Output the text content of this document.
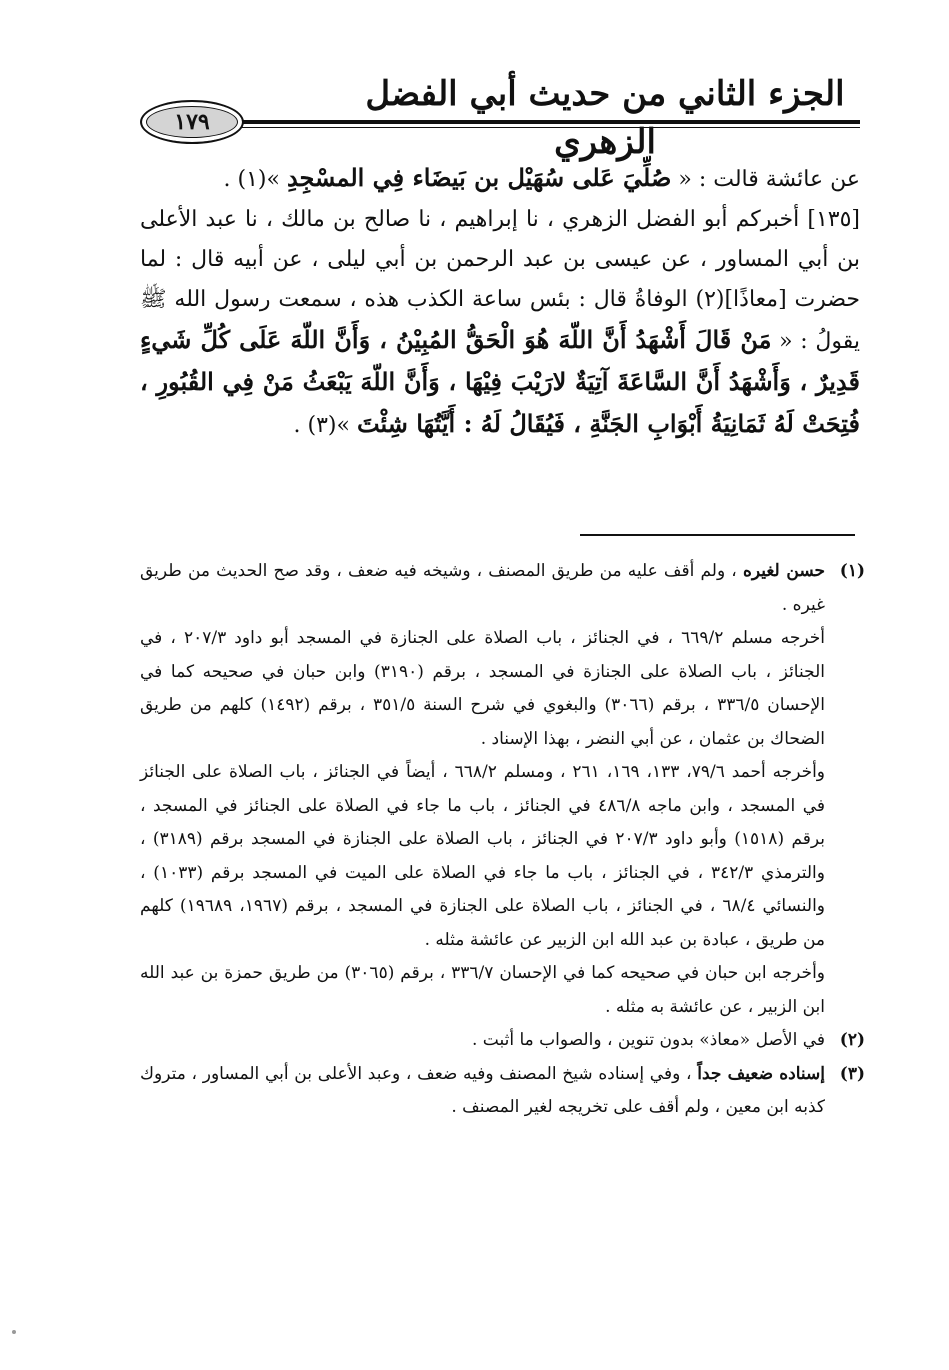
الجزء الثاني من حديث أبي الفضل الزهري
١٧٩

عن عائشة قالت : « صُلِّيَ عَلى سُهَيْل بن بَيضَاء فِي المسْجِدِ »(١) .

[١٣٥] أخبركم أبو الفضل الزهري ، نا إبراهيم ، نا صالح بن مالك ، نا عبد الأعلى بن أبي المساور ، عن عيسى بن عبد الرحمن بن أبي ليلى ، عن أبيه قال : لما حضرت [معاذًا](٢) الوفاةُ قال : بئس ساعة الكذب هذه ، سمعت رسول الله ﷺ يقولُ : « مَنْ قَالَ أَشْهَدُ أَنَّ اللّهَ هُوَ الْحَقُّ المُبِيْنُ ، وَأَنَّ اللّهَ عَلَى كُلِّ شَيءٍ قَدِيرٌ ، وَأَشْهَدُ أَنَّ السَّاعَةَ آتِيَةٌ لارَيْبَ فِيْهَا ، وَأَنَّ اللّهَ يَبْعَثُ مَنْ فِي القُبُورِ ، فُتِحَتْ لَهُ ثَمَانِيَةُ أَبْوَابِ الجَنَّةِ ، فَيُقَالُ لَهُ : أَيَّتُهَا شِئْتَ »(٣) .

(١)

حسن لغيره ، ولم أقف عليه من طريق المصنف ، وشيخه فيه ضعف ، وقد صح الحديث من طريق غيره .

أخرجه مسلم ٦٦٩/٢ ، في الجنائز ، باب الصلاة على الجنازة في المسجد أبو داود ٢٠٧/٣ ، في الجنائز ، باب الصلاة على الجنازة في المسجد ، برقم (٣١٩٠) وابن حبان في صحيحه كما في الإحسان ٣٣٦/٥ ، برقم (٣٠٦٦) والبغوي في شرح السنة ٣٥١/٥ ، برقم (١٤٩٢) كلهم من طريق الضحاك بن عثمان ، عن أبي النضر ، بهذا الإسناد .

وأخرجه أحمد ٧٩/٦، ١٣٣، ١٦٩، ٢٦١ ، ومسلم ٦٦٨/٢ ، أيضاً في الجنائز ، باب الصلاة على الجنائز في المسجد ، وابن ماجه ٤٨٦/٨ في الجنائز ، باب ما جاء في الصلاة على الجنائز في المسجد ، برقم (١٥١٨) وأبو داود ٢٠٧/٣ في الجنائز ، باب الصلاة على الجنازة في المسجد برقم (٣١٨٩) ، والترمذي ٣٤٢/٣ ، في الجنائز ، باب ما جاء في الصلاة على الميت في المسجد برقم (١٠٣٣) ، والنسائي ٦٨/٤ ، في الجنائز ، باب الصلاة على الجنازة في المسجد ، برقم (١٩٦٧، ١٩٦٨٩) كلهم من طريق ، عبادة بن عبد الله ابن الزبير عن عائشة مثله .

وأخرجه ابن حبان في صحيحه كما في الإحسان ٣٣٦/٧ ، برقم (٣٠٦٥) من طريق حمزة بن عبد الله ابن الزبير ، عن عائشة به مثله .

(٢)

في الأصل «معاذ» بدون تنوين ، والصواب ما أثبت .

(٣)

إسناده ضعيف جداً ، وفي إسناده شيخ المصنف وفيه ضعف ، وعبد الأعلى بن أبي المساور ، متروك كذبه ابن معين ، ولم أقف على تخريجه لغير المصنف .
